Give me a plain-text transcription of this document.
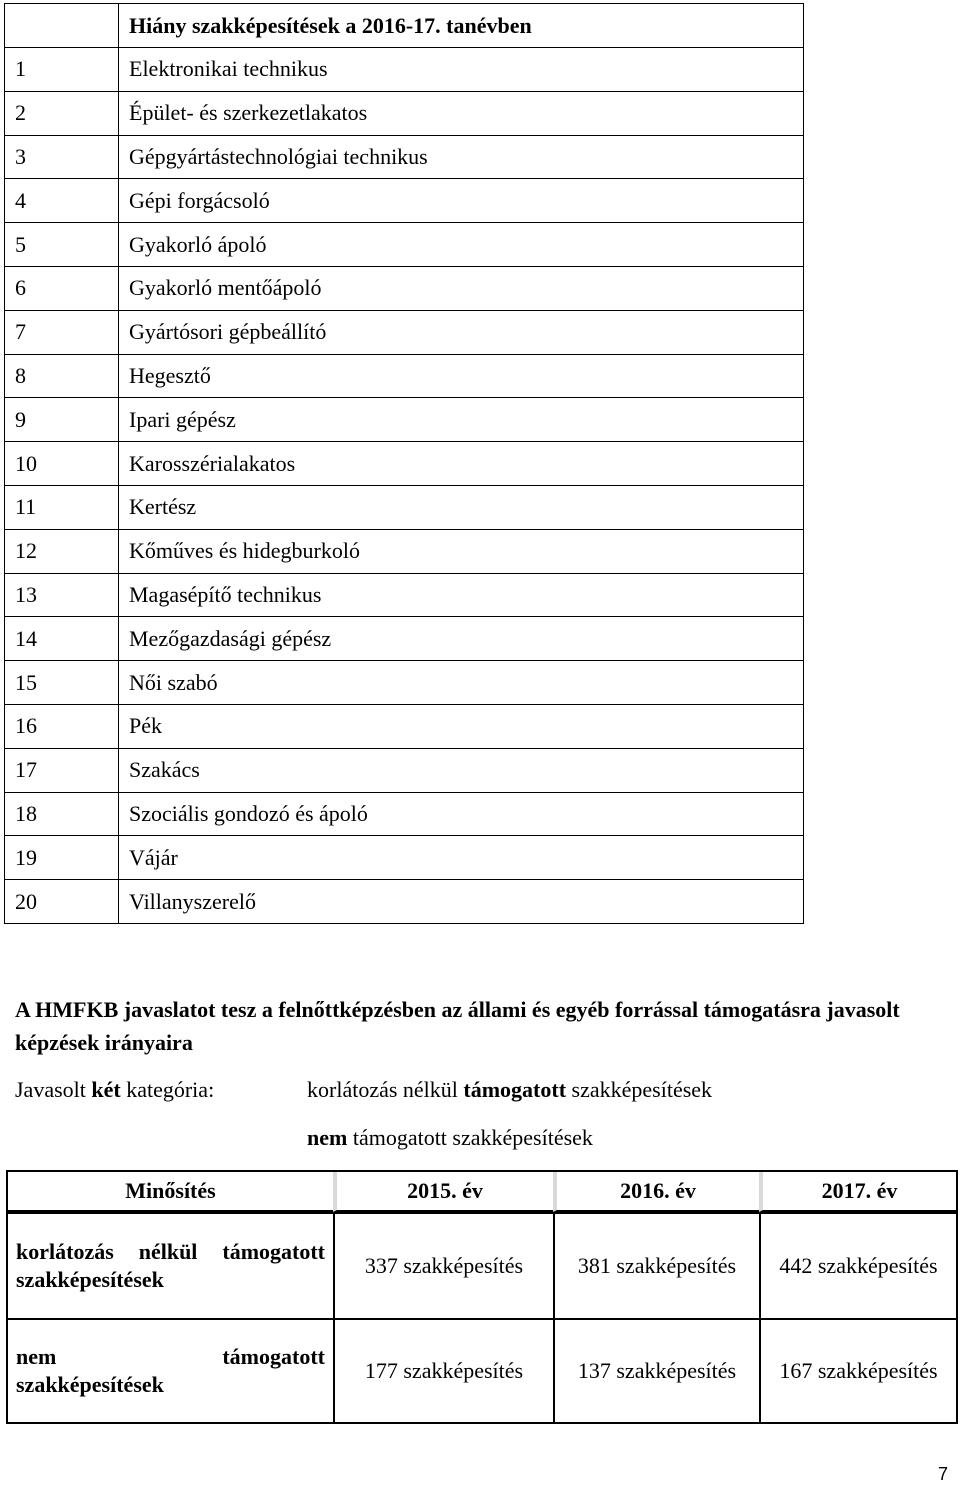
	Hiány szakképesítések a 2016-17. tanévben
1	Elektronikai technikus
2	Épület- és szerkezetlakatos
3	Gépgyártástechnológiai technikus
4	Gépi forgácsoló
5	Gyakorló ápoló
6	Gyakorló mentőápoló
7	Gyártósori gépbeállító
8	Hegesztő
9	Ipari gépész
10	Karosszérialakatos
11	Kertész
12	Kőműves és hidegburkoló
13	Magasépítő technikus
14	Mezőgazdasági gépész
15	Női szabó
16	Pék
17	Szakács
18	Szociális gondozó és ápoló
19	Vájár
20	Villanyszerelő
A HMFKB javaslatot tesz a felnőttképzésben az állami és egyéb forrással támogatásra javasolt képzések irányaira
Javasolt két kategória:	korlátozás nélkül támogatott szakképesítések
nem támogatott szakképesítések
Minősítés	2015. év	2016. év	2017. év

korlátozás nélkül támogatott
szakképesítések	337 szakképesítés	381 szakképesítés	442 szakképesítés

nem támogatott
szakképesítések	177 szakképesítés	137 szakképesítés	167 szakképesítés
7
